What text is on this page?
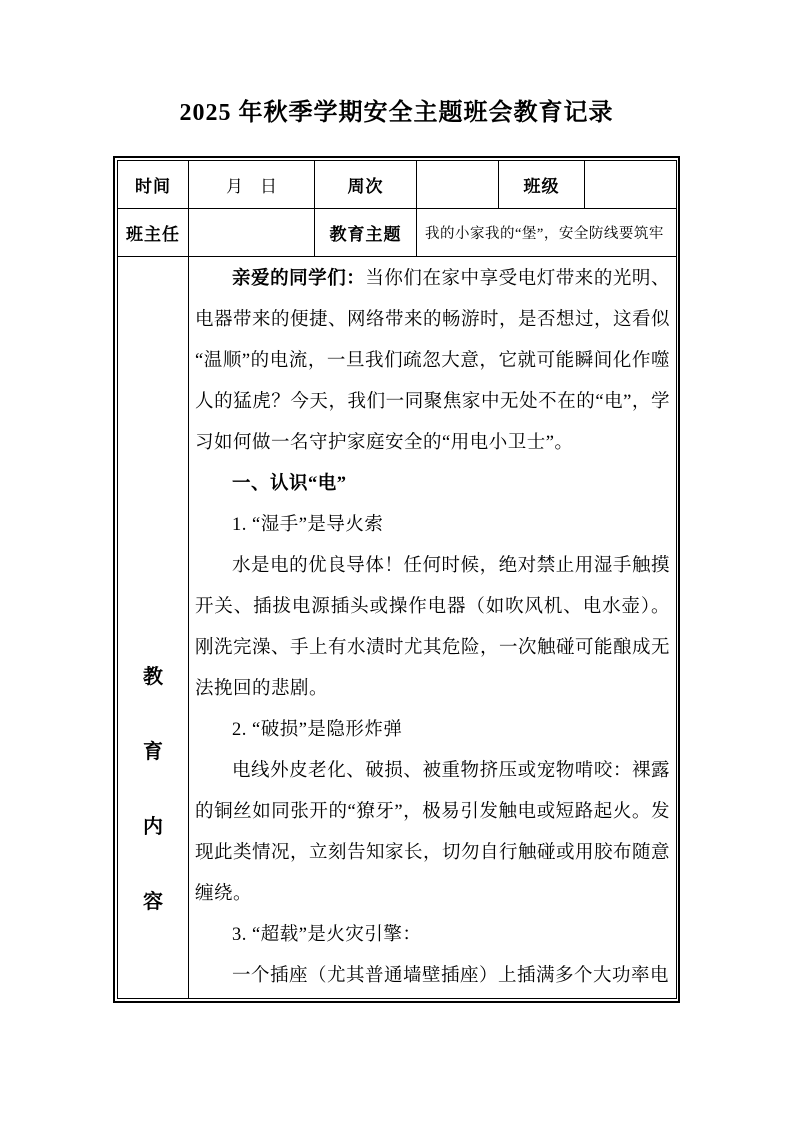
2025 年秋季学期安全主题班会教育记录
时间	月　日	周次		班级	
班主任		教育主题	我的小家我的“堡”，安全防线要筑牢		

教
育
内
容

亲爱的同学们：当你们在家中享受电灯带来的光明、电器带来的便捷、网络带来的畅游时，是否想过，这看似“温顺”的电流，一旦我们疏忽大意，它就可能瞬间化作噬人的猛虎？今天，我们一同聚焦家中无处不在的“电”，学习如何做一名守护家庭安全的“用电小卫士”。

一、认识“电”

1. “湿手”是导火索

水是电的优良导体！任何时候，绝对禁止用湿手触摸开关、插拔电源插头或操作电器（如吹风机、电水壶）。刚洗完澡、手上有水渍时尤其危险，一次触碰可能酿成无法挽回的悲剧。

2. “破损”是隐形炸弹

电线外皮老化、破损、被重物挤压或宠物啃咬：裸露的铜丝如同张开的“獠牙”，极易引发触电或短路起火。发现此类情况，立刻告知家长，切勿自行触碰或用胶布随意缠绕。

3. “超载”是火灾引擎：

一个插座（尤其普通墙壁插座）上插满多个大功率电
